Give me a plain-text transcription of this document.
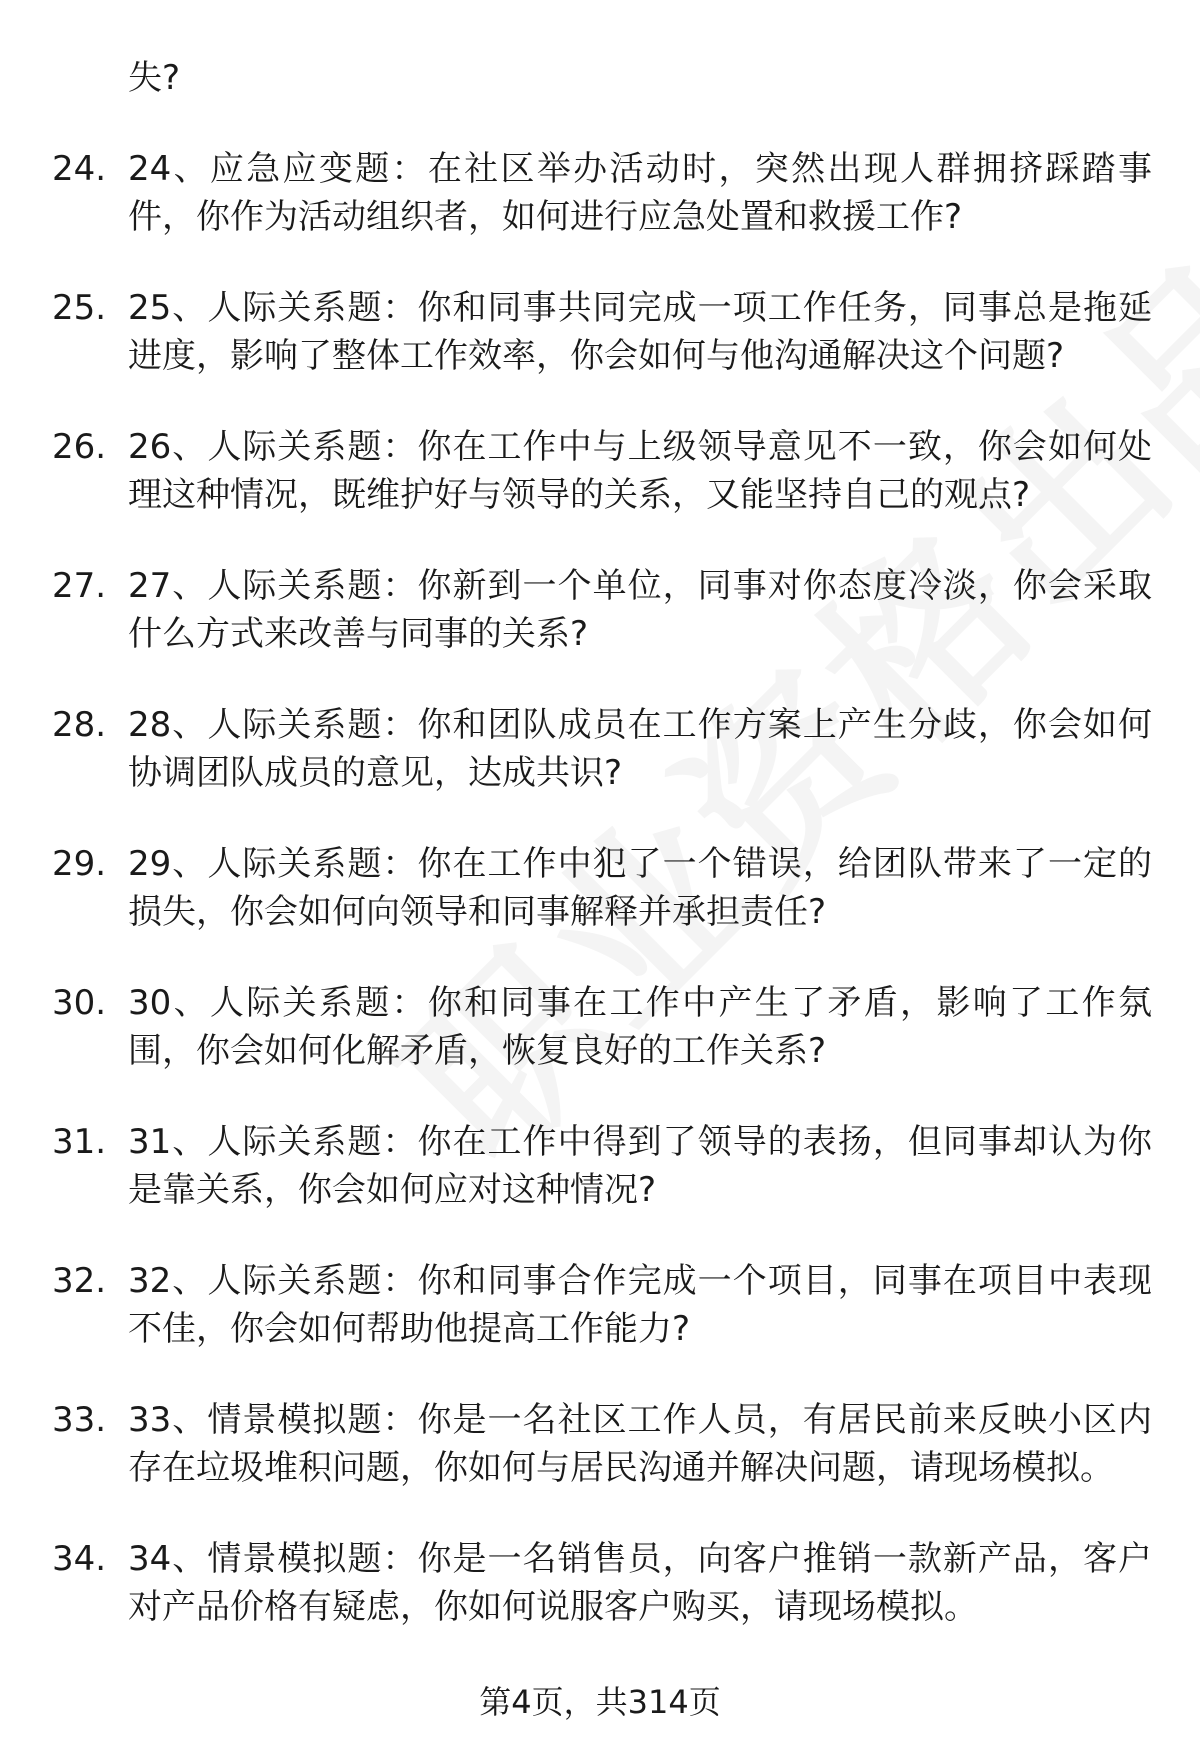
失?
24. 24、应急应变题：在社区举办活动时，突然出现人群拥挤踩踏事件，你作为活动组织者，如何进行应急处置和救援工作?
25. 25、人际关系题：你和同事共同完成一项工作任务，同事总是拖延进度，影响了整体工作效率，你会如何与他沟通解决这个问题?
26. 26、人际关系题：你在工作中与上级领导意见不一致，你会如何处理这种情况，既维护好与领导的关系，又能坚持自己的观点?
27. 27、人际关系题：你新到一个单位，同事对你态度冷淡，你会采取什么方式来改善与同事的关系?
28. 28、人际关系题：你和团队成员在工作方案上产生分歧，你会如何协调团队成员的意见，达成共识?
29. 29、人际关系题：你在工作中犯了一个错误，给团队带来了一定的损失，你会如何向领导和同事解释并承担责任?
30. 30、人际关系题：你和同事在工作中产生了矛盾，影响了工作氛围，你会如何化解矛盾，恢复良好的工作关系?
31. 31、人际关系题：你在工作中得到了领导的表扬，但同事却认为你是靠关系，你会如何应对这种情况?
32. 32、人际关系题：你和同事合作完成一个项目，同事在项目中表现不佳，你会如何帮助他提高工作能力?
33. 33、情景模拟题：你是一名社区工作人员，有居民前来反映小区内存在垃圾堆积问题，你如何与居民沟通并解决问题，请现场模拟。
34. 34、情景模拟题：你是一名销售员，向客户推销一款新产品，客户对产品价格有疑虑，你如何说服客户购买，请现场模拟。
第4页，共314页
